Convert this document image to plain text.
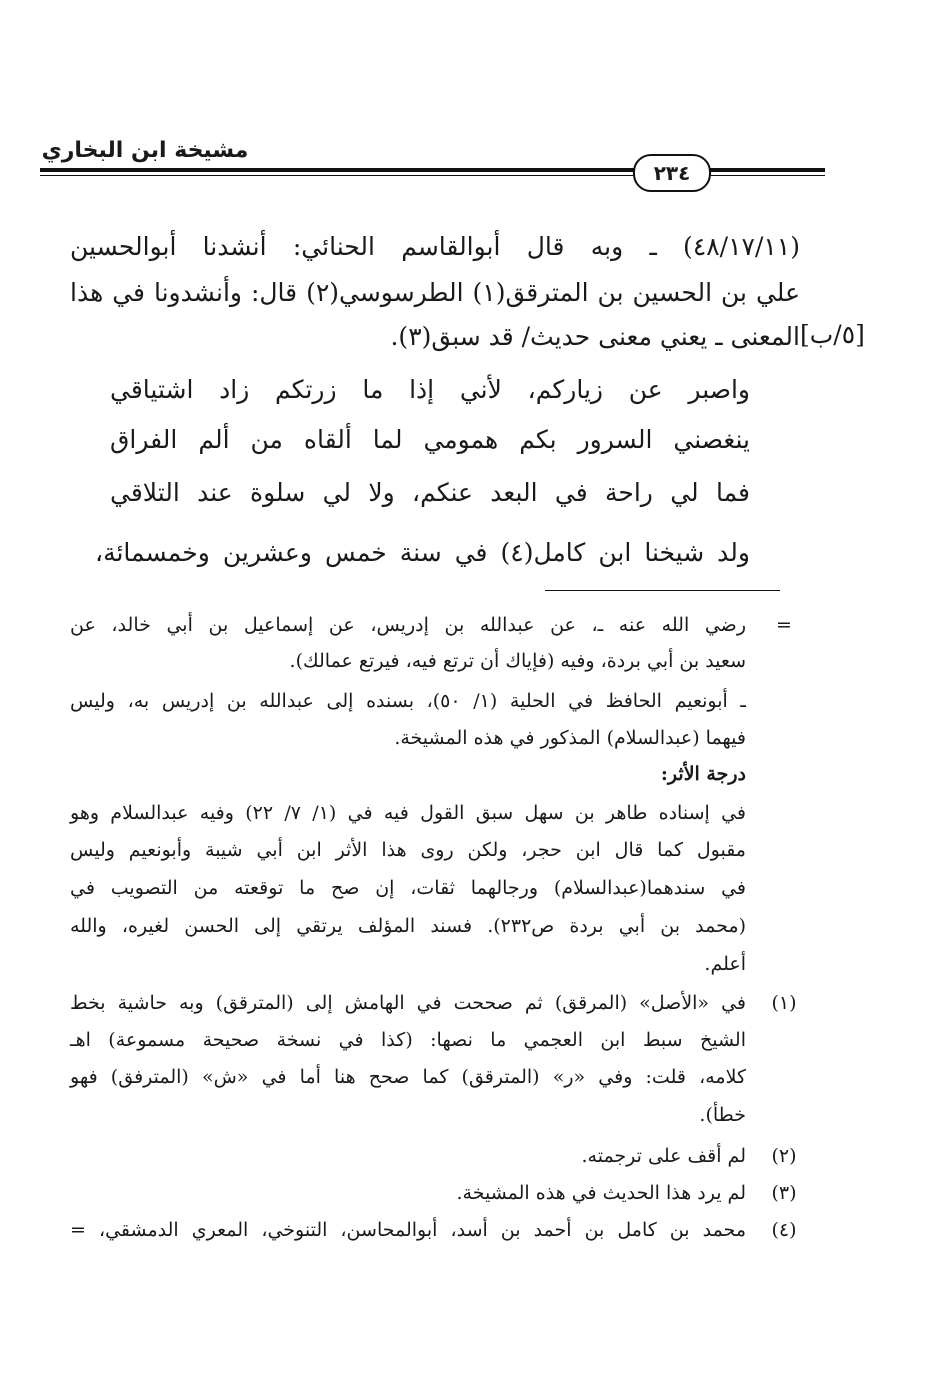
مشيخة ابن البخاري
٢٣٤
(٤٨/١٧/١١) ـ وبه قال أبوالقاسم الحنائي: أنشدنا أبوالحسين
علي بن الحسين بن المترقق(١) الطرسوسي(٢) قال: وأنشدونا في هذا
المعنى ـ يعني معنى حديث/ قد سبق(٣). [٥/ب]
واصبر عن زياركم، لأني إذا ما زرتكم زاد اشتياقي
ينغصني السرور بكم همومي لما ألقاه من ألم الفراق
فما لي راحة في البعد عنكم، ولا لي سلوة عند التلاقي
ولد شيخنا ابن كامل(٤) في سنة خمس وعشرين وخمسمائة،
=
رضي الله عنه ـ، عن عبدالله بن إدريس، عن إسماعيل بن أبي خالد، عن
سعيد بن أبي بردة، وفيه (فإياك أن ترتع فيه، فيرتع عمالك).
ـ أبونعيم الحافظ في الحلية (١/ ٥٠)، بسنده إلى عبدالله بن إدريس به، وليس
فيهما (عبدالسلام) المذكور في هذه المشيخة.
درجة الأثر:
في إسناده طاهر بن سهل سبق القول فيه في (١/ ٧/ ٢٢) وفيه عبدالسلام وهو
مقبول كما قال ابن حجر، ولكن روى هذا الأثر ابن أبي شيبة وأبونعيم وليس
في سندهما(عبدالسلام) ورجالهما ثقات، إن صح ما توقعته من التصويب في
(محمد بن أبي بردة ص٢٣٢). فسند المؤلف يرتقي إلى الحسن لغيره، والله
أعلم.
(١)
في «الأصل» (المرقق) ثم صححت في الهامش إلى (المترقق) وبه حاشية بخط
الشيخ سبط ابن العجمي ما نصها: (كذا في نسخة صحيحة مسموعة) اهـ
كلامه، قلت: وفي «ر» (المترقق) كما صحح هنا أما في «ش» (المترفق) فهو
خطأ).
(٢)
لم أقف على ترجمته.
(٣)
لم يرد هذا الحديث في هذه المشيخة.
(٤)
محمد بن كامل بن أحمد بن أسد، أبوالمحاسن، التنوخي، المعري الدمشقي، =
